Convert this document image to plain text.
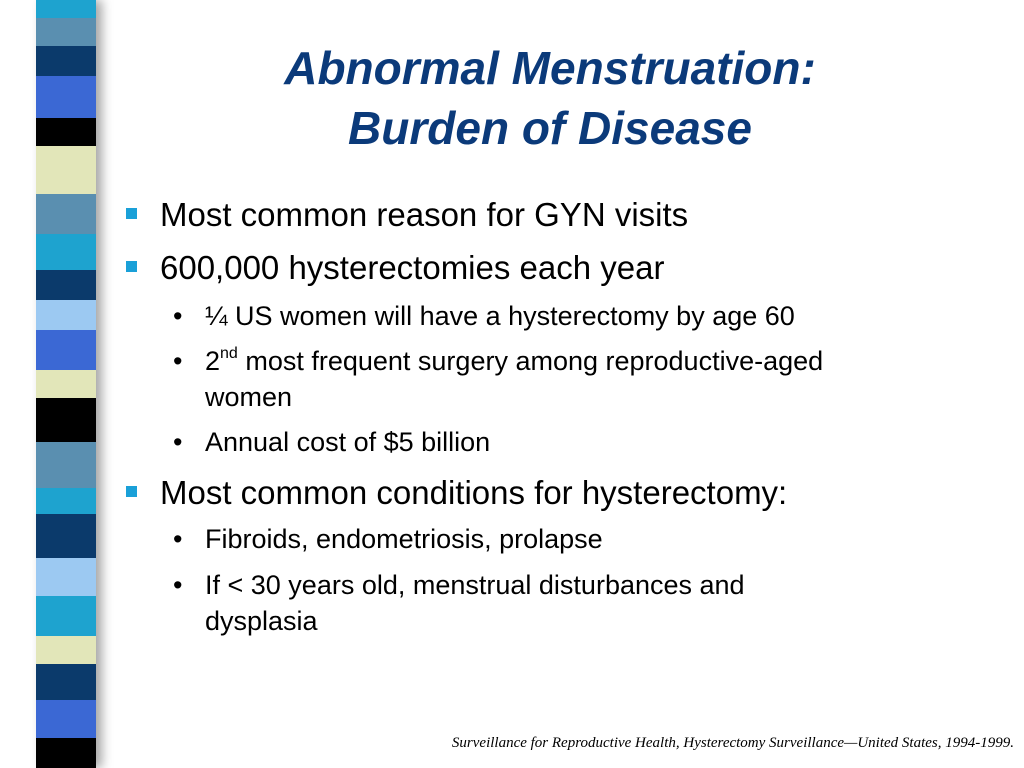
Abnormal Menstruation:
Burden of Disease
Most common reason for GYN visits
600,000 hysterectomies each year
• ¼ US women will have a hysterectomy by age 60
• 2nd most frequent surgery among reproductive-aged
women
• Annual cost of $5 billion
Most common conditions for hysterectomy:
• Fibroids, endometriosis, prolapse
• If < 30 years old, menstrual disturbances and
dysplasia

Surveillance for Reproductive Health, Hysterectomy Surveillance—United States, 1994-1999.
